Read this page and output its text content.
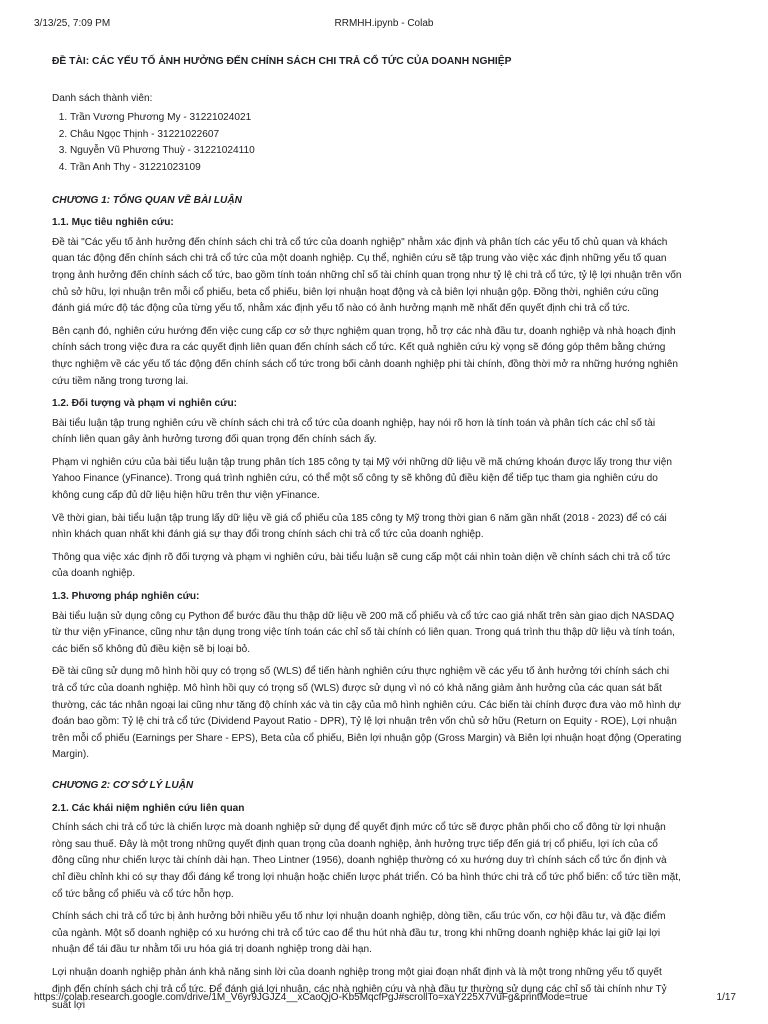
3/13/25, 7:09 PM	RRMHH.ipynb - Colab
ĐỀ TÀI: CÁC YẾU TỐ ẢNH HƯỞNG ĐẾN CHÍNH SÁCH CHI TRẢ CỔ TỨC CỦA DOANH NGHIỆP
Danh sách thành viên:
1. Trần Vương Phương My - 31221024021
2. Châu Ngọc Thịnh - 31221022607
3. Nguyễn Vũ Phương Thuỳ - 31221024110
4. Trần Anh Thy - 31221023109
CHƯƠNG 1: TỔNG QUAN VỀ BÀI LUẬN
1.1. Mục tiêu nghiên cứu:

Đề tài "Các yếu tố ảnh hưởng đến chính sách chi trả cổ tức của doanh nghiệp" nhằm xác định và phân tích các yếu tố chủ quan và khách quan tác động đến chính sách chi trả cổ tức của một doanh nghiệp. Cụ thể, nghiên cứu sẽ tập trung vào việc xác định những yếu tố quan trọng ảnh hưởng đến chính sách cổ tức, bao gồm tính toán những chỉ số tài chính quan trọng như tỷ lệ chi trả cổ tức, tỷ lệ lợi nhuận trên vốn chủ sở hữu, lợi nhuận trên mỗi cổ phiếu, beta cổ phiếu, biên lợi nhuận hoạt động và cả biên lợi nhuận gộp. Đồng thời, nghiên cứu cũng đánh giá mức độ tác động của từng yếu tố, nhằm xác định yếu tố nào có ảnh hưởng mạnh mẽ nhất đến quyết định chi trả cổ tức.

Bên cạnh đó, nghiên cứu hướng đến việc cung cấp cơ sở thực nghiệm quan trọng, hỗ trợ các nhà đầu tư, doanh nghiệp và nhà hoạch định chính sách trong việc đưa ra các quyết định liên quan đến chính sách cổ tức. Kết quả nghiên cứu kỳ vọng sẽ đóng góp thêm bằng chứng thực nghiệm về các yếu tố tác động đến chính sách cổ tức trong bối cảnh doanh nghiệp phi tài chính, đồng thời mở ra những hướng nghiên cứu tiềm năng trong tương lai.

1.2. Đối tượng và phạm vi nghiên cứu:

Bài tiểu luận tập trung nghiên cứu về chính sách chi trả cổ tức của doanh nghiệp, hay nói rõ hơn là tính toán và phân tích các chỉ số tài chính liên quan gây ảnh hưởng tương đối quan trọng đến chính sách ấy.

Phạm vi nghiên cứu của bài tiểu luận tập trung phân tích 185 công ty tại Mỹ với những dữ liệu về mã chứng khoán được lấy trong thư viện Yahoo Finance (yFinance). Trong quá trình nghiên cứu, có thể một số công ty sẽ không đủ điều kiện để tiếp tục tham gia nghiên cứu do không cung cấp đủ dữ liệu hiện hữu trên thư viện yFinance.

Về thời gian, bài tiểu luận tập trung lấy dữ liệu về giá cổ phiếu của 185 công ty Mỹ trong thời gian 6 năm gần nhất (2018 - 2023) để có cái nhìn khách quan nhất khi đánh giá sự thay đổi trong chính sách chi trả cổ tức của doanh nghiệp.

Thông qua việc xác định rõ đối tượng và phạm vi nghiên cứu, bài tiểu luận sẽ cung cấp một cái nhìn toàn diện về chính sách chi trả cổ tức của doanh nghiệp.

1.3. Phương pháp nghiên cứu:

Bài tiểu luận sử dụng công cụ Python để bước đầu thu thập dữ liệu về 200 mã cổ phiếu và cổ tức cao giá nhất trên sàn giao dịch NASDAQ từ thư viện yFinance, cũng như tận dụng trong việc tính toán các chỉ số tài chính có liên quan. Trong quá trình thu thập dữ liệu và tính toán, các biến số không đủ điều kiện sẽ bị loại bỏ.

Đề tài cũng sử dụng mô hình hồi quy có trọng số (WLS) để tiến hành nghiên cứu thực nghiệm về các yếu tố ảnh hưởng tới chính sách chi trả cổ tức của doanh nghiệp. Mô hình hồi quy có trọng số (WLS) được sử dụng vì nó có khả năng giảm ảnh hưởng của các quan sát bất thường, các tác nhân ngoại lai cũng như tăng độ chính xác và tin cậy của mô hình nghiên cứu. Các biến tài chính được đưa vào mô hình dự đoán bao gồm: Tỷ lệ chi trả cổ tức (Dividend Payout Ratio - DPR), Tỷ lệ lợi nhuận trên vốn chủ sở hữu (Return on Equity - ROE), Lợi nhuận trên mỗi cổ phiếu (Earnings per Share - EPS), Beta của cổ phiếu, Biên lợi nhuận gộp (Gross Margin) và Biên lợi nhuận hoạt động (Operating Margin).

CHƯƠNG 2: CƠ SỞ LÝ LUẬN
2.1. Các khái niệm nghiên cứu liên quan

Chính sách chi trả cổ tức là chiến lược mà doanh nghiệp sử dụng để quyết định mức cổ tức sẽ được phân phối cho cổ đông từ lợi nhuận ròng sau thuế. Đây là một trong những quyết định quan trọng của doanh nghiệp, ảnh hưởng trực tiếp đến giá trị cổ phiếu, lợi ích của cổ đông cũng như chiến lược tài chính dài hạn. Theo Lintner (1956), doanh nghiệp thường có xu hướng duy trì chính sách cổ tức ổn định và chỉ điều chỉnh khi có sự thay đổi đáng kể trong lợi nhuận hoặc chiến lược phát triển. Có ba hình thức chi trả cổ tức phổ biến: cổ tức tiền mặt, cổ tức bằng cổ phiếu và cổ tức hỗn hợp.

Chính sách chi trả cổ tức bị ảnh hưởng bởi nhiều yếu tố như lợi nhuận doanh nghiệp, dòng tiền, cấu trúc vốn, cơ hội đầu tư, và đặc điểm của ngành. Một số doanh nghiệp có xu hướng chi trả cổ tức cao để thu hút nhà đầu tư, trong khi những doanh nghiệp khác lại giữ lại lợi nhuận để tái đầu tư nhằm tối ưu hóa giá trị doanh nghiệp trong dài hạn.

Lợi nhuận doanh nghiệp phản ánh khả năng sinh lời của doanh nghiệp trong một giai đoạn nhất định và là một trong những yếu tố quyết định đến chính sách chi trả cổ tức. Để đánh giá lợi nhuận, các nhà nghiên cứu và nhà đầu tư thường sử dụng các chỉ số tài chính như Tỷ suất lợi

https://colab.research.google.com/drive/1M_V6yr9JGJZ4__xCaoQjO-Kb5MqcfPgJ#scrollTo=xaY225X7VuFg&printMode=true	1/17
